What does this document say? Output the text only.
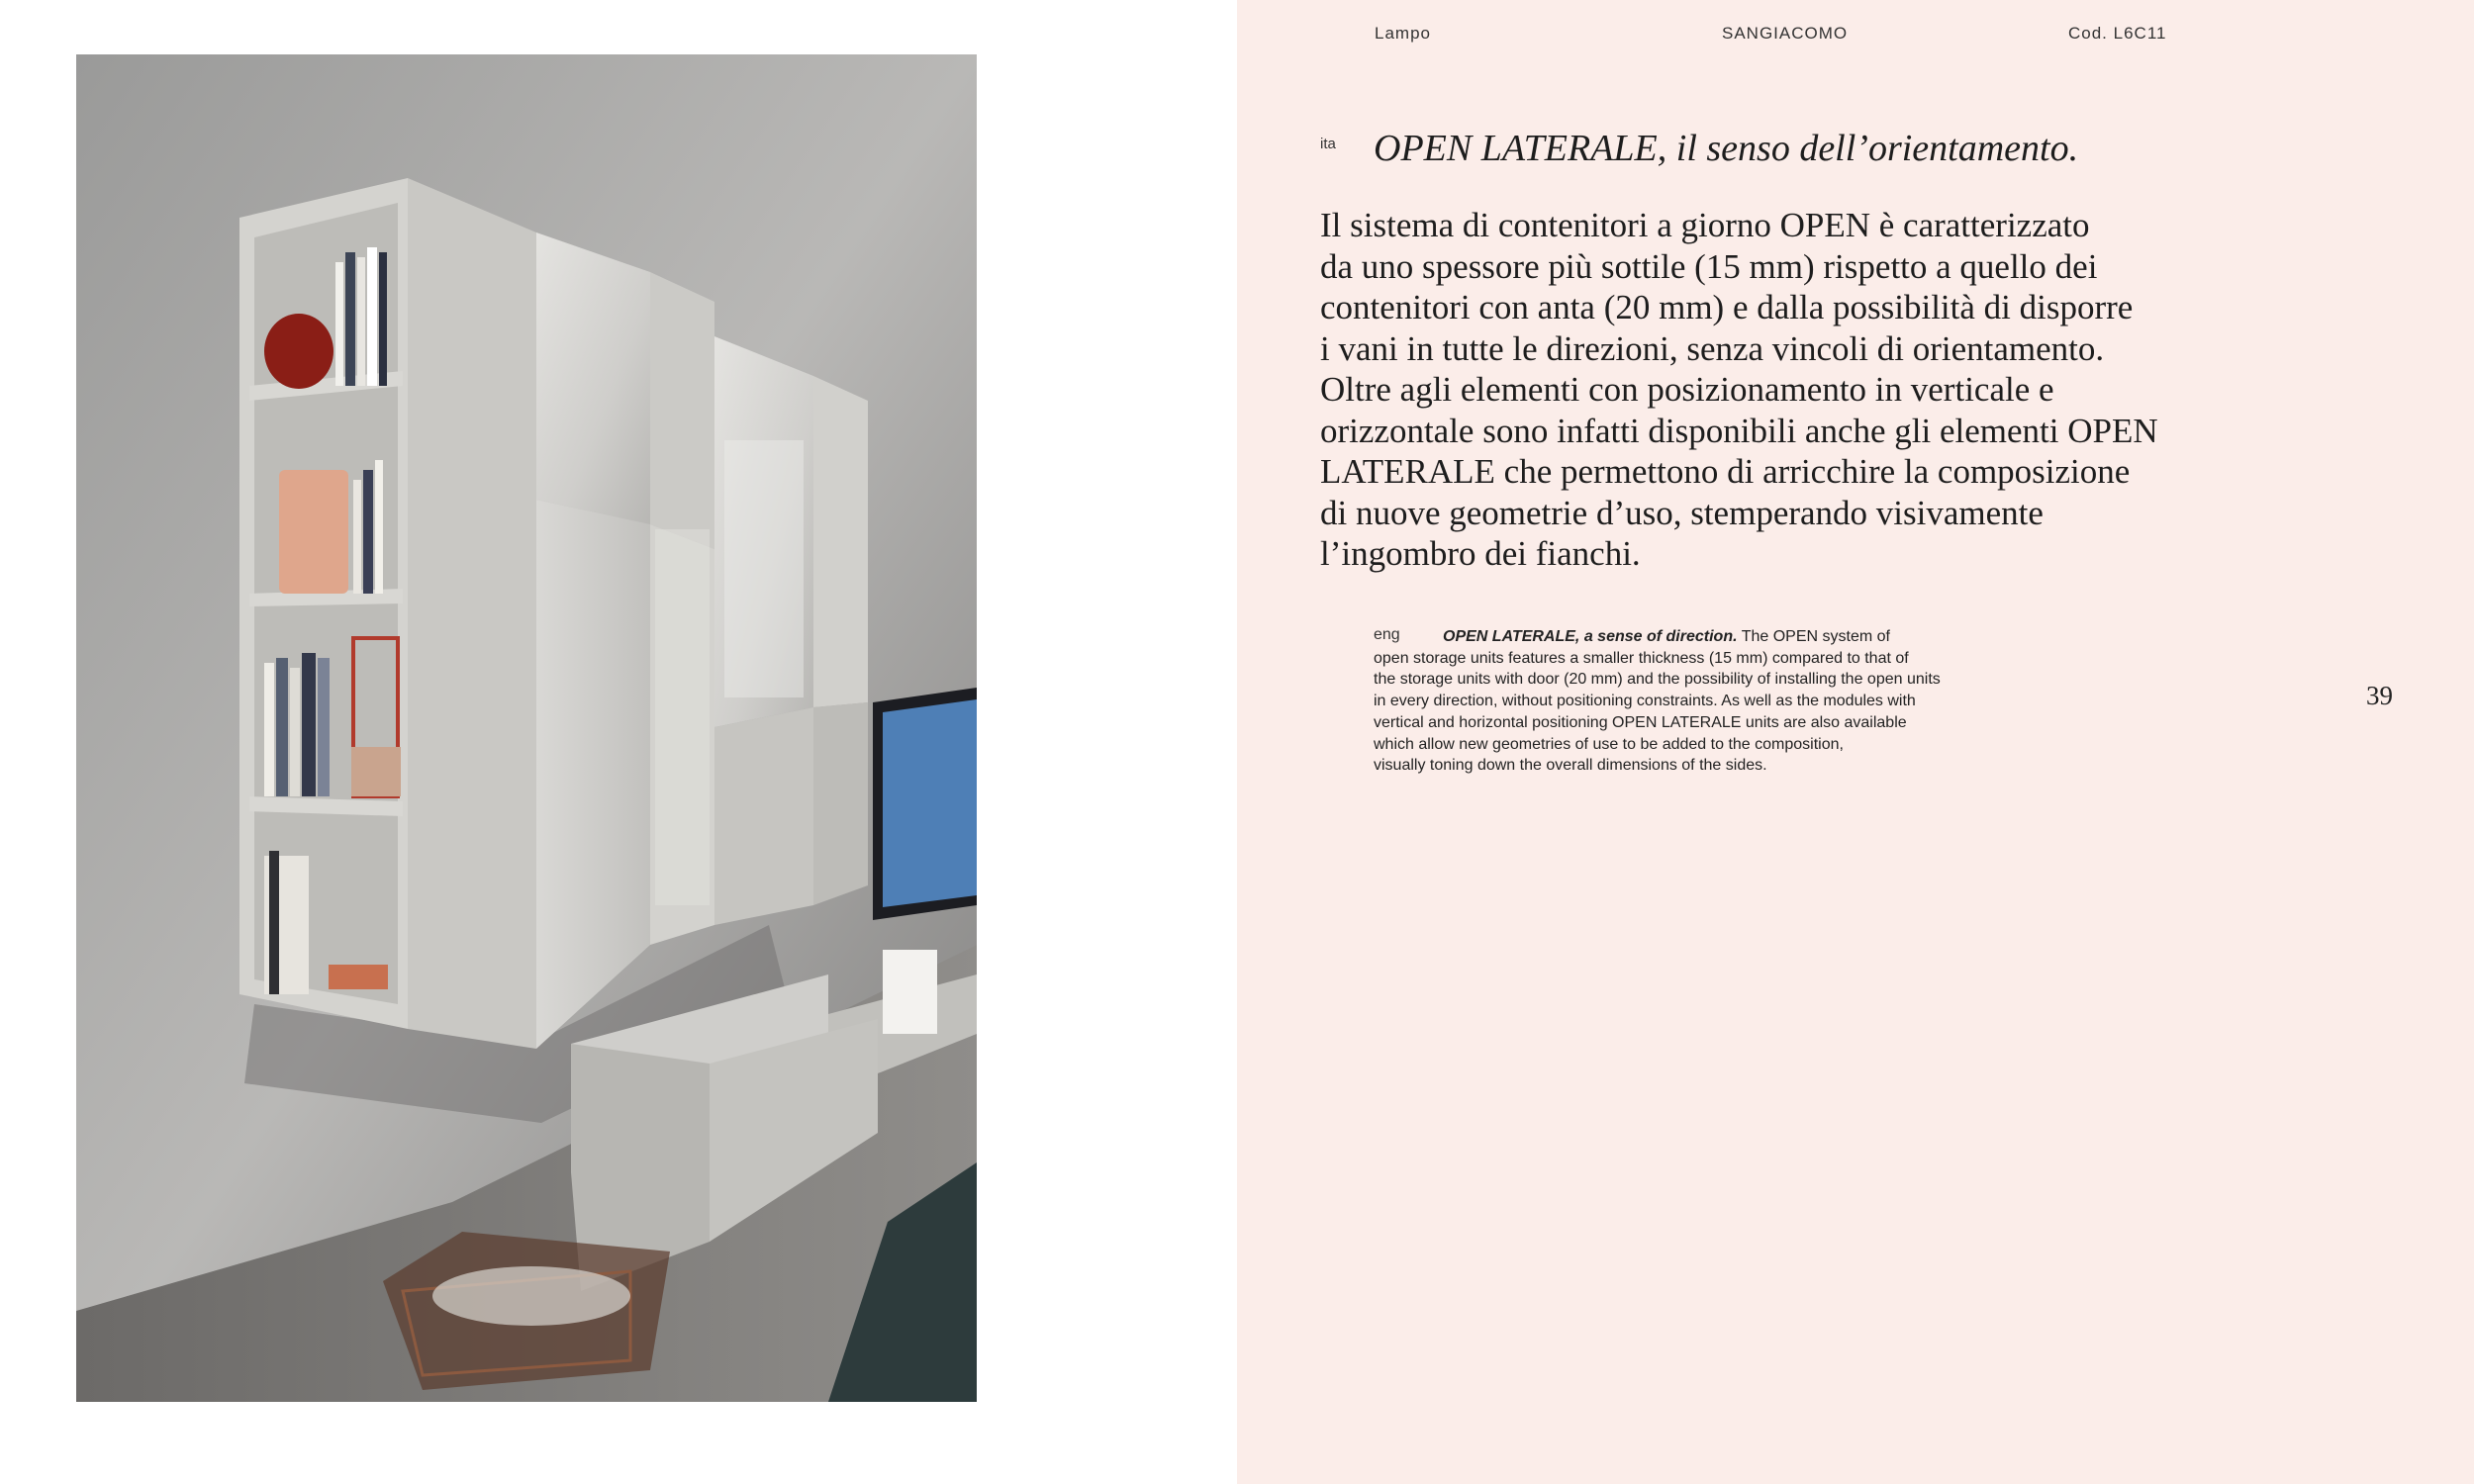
Lampo	SANGIACOMO	Cod. L6C11
ita OPEN LATERALE, il senso dell’orientamento.
Il sistema di contenitori a giorno OPEN è caratterizzato
da uno spessore più sottile (15 mm) rispetto a quello dei
contenitori con anta (20 mm) e dalla possibilità di disporre
i vani in tutte le direzioni, senza vincoli di orientamento.
Oltre agli elementi con posizionamento in verticale e
orizzontale sono infatti disponibili anche gli elementi OPEN
LATERALE che permettono di arricchire la composizione
di nuove geometrie d’uso, stemperando visivamente
l’ingombro dei fianchi.
eng	OPEN LATERALE, a sense of direction. The OPEN system of
open storage units features a smaller thickness (15 mm) compared to that of
the storage units with door (20 mm) and the possibility of installing the open units
in every direction, without positioning constraints. As well as the modules with
vertical and horizontal positioning OPEN LATERALE units are also available
which allow new geometries of use to be added to the composition,
visually toning down the overall dimensions of the sides.
39
